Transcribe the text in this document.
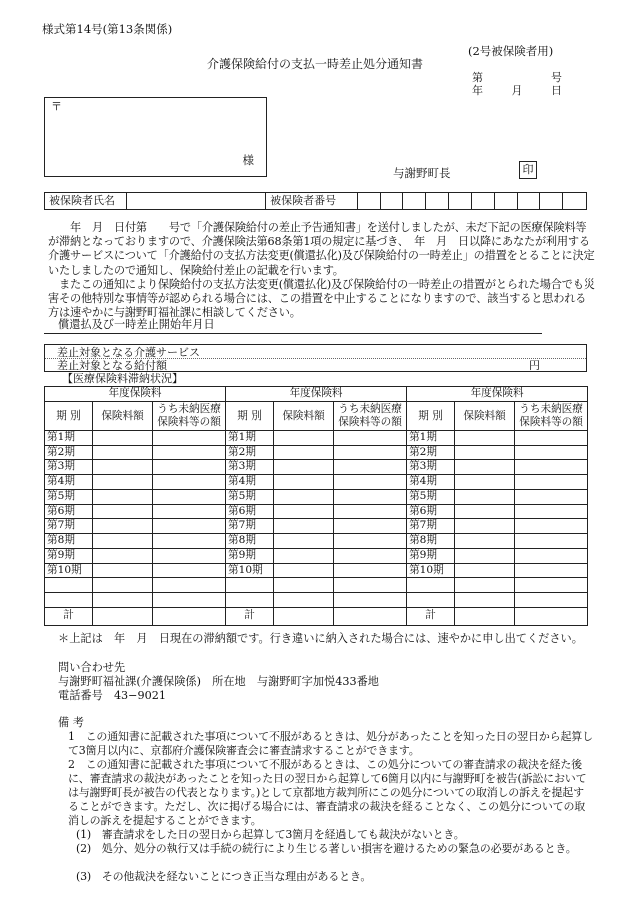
様式第14号(第13条関係)
(2号被保険者用)
介護保険給付の支払一時差止処分通知書
第	号
年	月	日
〒
様
与謝野町長	印
被保険者氏名	被保険者番号
年　月　日付第　　号で「介護保険給付の差止予告通知書」を送付しましたが、未だ下記の医療保険料等が滞納となっておりますので、介護保険法第68条第1項の規定に基づき、　年　月　日以降にあなたが利用する介護サービスについて「介護給付の支払方法変更(償還払化)及び保険給付の一時差止」の措置をとることに決定いたしましたので通知し、保険給付差止の記載を行います。
またこの通知により保険給付の支払方法変更(償還払化)及び保険給付の一時差止の措置がとられた場合でも災害その他特別な事情等が認められる場合には、この措置を中止することになりますので、該当すると思われる方は速やかに与謝野町福祉課に相談してください。
償還払及び一時差止開始年月日
差止対象となる介護サービス
差止対象となる給付額	円
【医療保険料滞納状況】
年度保険料			年度保険料			年度保険料		
期 別	保険料額	うち未納医療保険料等の額	期 別	保険料額	うち未納医療保険料等の額	期 別	保険料額	うち未納医療保険料等の額
第1期			第1期			第1期		
第2期			第2期			第2期		
第3期			第3期			第3期		
第4期			第4期			第4期		
第5期			第5期			第5期		
第6期			第6期			第6期		
第7期			第7期			第7期		
第8期			第8期			第8期		
第9期			第9期			第9期		
第10期			第10期			第10期		

計			計			計		
＊上記は　年　月　日現在の滞納額です。行き違いに納入された場合には、速やかに申し出てください。
問い合わせ先
与謝野町福祉課(介護保険係)　所在地　与謝野町字加悦433番地
電話番号　43−9021
備 考
1　この通知書に記載された事項について不服があるときは、処分があったことを知った日の翌日から起算して3箇月以内に、京都府介護保険審査会に審査請求することができます。
2　この通知書に記載された事項について不服があるときは、この処分についての審査請求の裁決を経た後に、審査請求の裁決があったことを知った日の翌日から起算して6箇月以内に与謝野町を被告(訴訟においては与謝野町長が被告の代表となります。)として京都地方裁判所にこの処分についての取消しの訴えを提起することができます。ただし、次に掲げる場合には、審査請求の裁決を経ることなく、この処分についての取消しの訴えを提起することができます。
(1)　審査請求をした日の翌日から起算して3箇月を経過しても裁決がないとき。
(2)　処分、処分の執行又は手続の続行により生じる著しい損害を避けるための緊急の必要があるとき。
(3)　その他裁決を経ないことにつき正当な理由があるとき。
